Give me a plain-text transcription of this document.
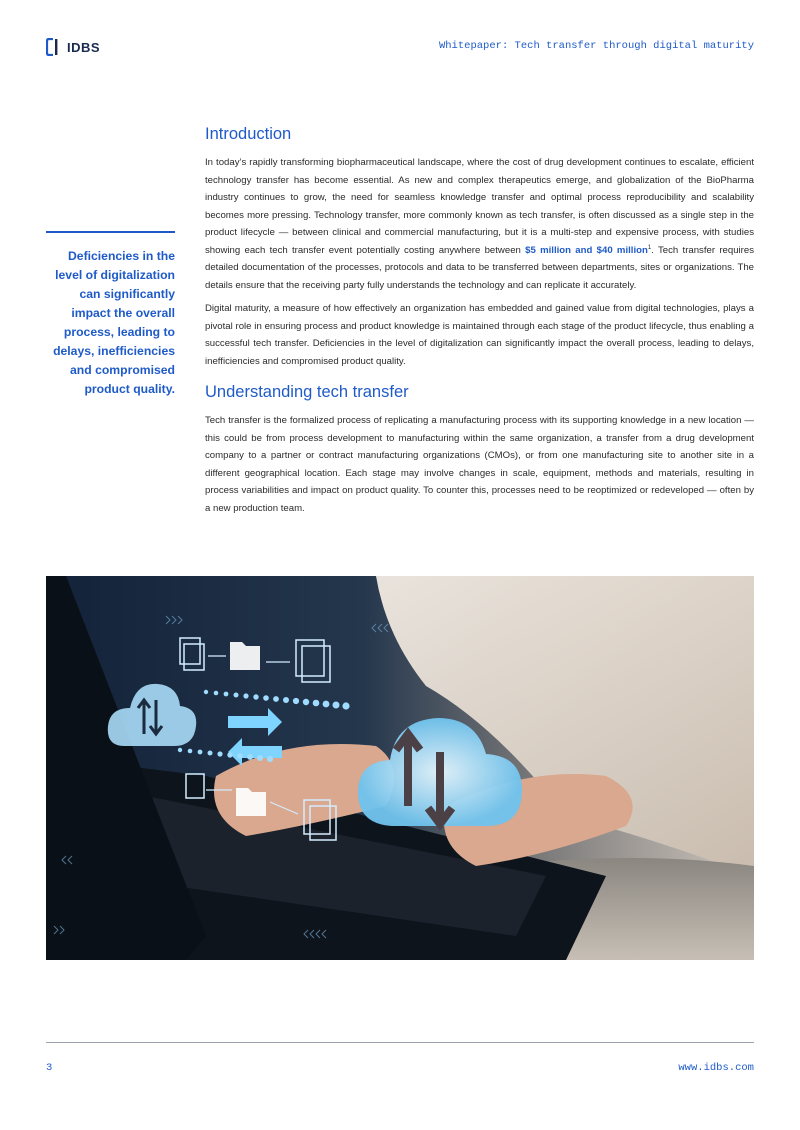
IDBS	Whitepaper: Tech transfer through digital maturity

Deficiencies in the level of digitalization can significantly impact the overall process, leading to delays, inefficiencies and compromised product quality.

Introduction

In today’s rapidly transforming biopharmaceutical landscape, where the cost of drug development continues to escalate, efficient technology transfer has become essential. As new and complex therapeutics emerge, and globalization of the BioPharma industry continues to grow, the need for seamless knowledge transfer and optimal process reproducibility and scalability becomes more pressing. Technology transfer, more commonly known as tech transfer, is often discussed as a single step in the product lifecycle — between clinical and commercial manufacturing, but it is a multi-step and expensive process, with studies showing each tech transfer event potentially costing anywhere between $5 million and $40 million$^1$. Tech transfer requires detailed documentation of the processes, protocols and data to be transferred between departments, sites or organizations. The details ensure that the receiving party fully understands the technology and can replicate it accurately.

Digital maturity, a measure of how effectively an organization has embedded and gained value from digital technologies, plays a pivotal role in ensuring process and product knowledge is maintained through each stage of the product lifecycle, thus enabling a successful tech transfer. Deficiencies in the level of digitalization can significantly impact the overall process, leading to delays, inefficiencies and compromised product quality.

Understanding tech transfer

Tech transfer is the formalized process of replicating a manufacturing process with its supporting knowledge in a new location — this could be from process development to manufacturing within the same organization, a transfer from a drug development company to a partner or contract manufacturing organizations (CMOs), or from one manufacturing site to another site in a different geographical location. Each stage may involve changes in scale, equipment, methods and materials, resulting in process variabilities and impact on product quality. To counter this, processes need to be reoptimized or redeveloped — often by a new production team.

3	www.idbs.com
